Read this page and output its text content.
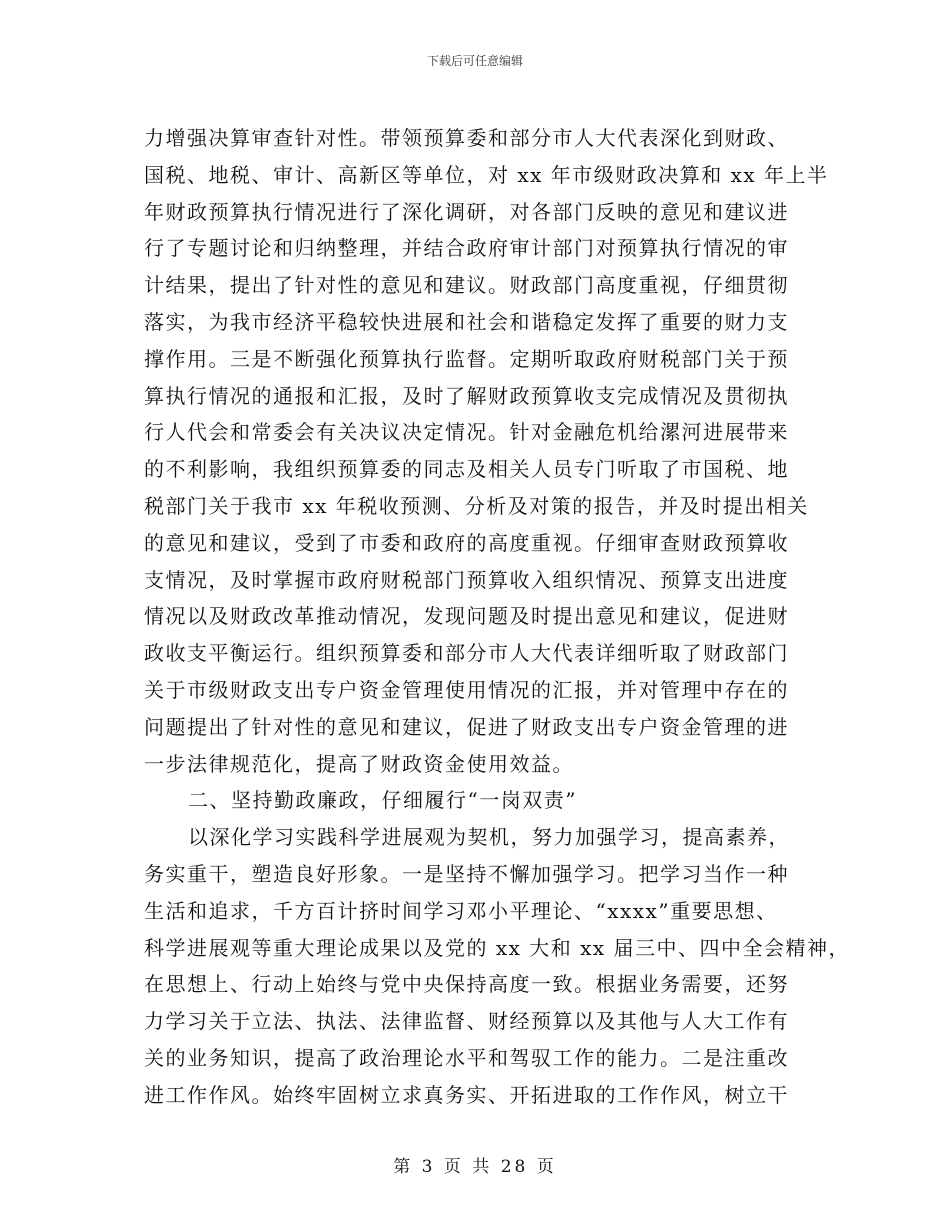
下载后可任意编辑
力增强决算审查针对性。带领预算委和部分市人大代表深化到财政、
国税、地税、审计、高新区等单位，对 xx 年市级财政决算和 xx 年上半
年财政预算执行情况进行了深化调研，对各部门反映的意见和建议进
行了专题讨论和归纳整理，并结合政府审计部门对预算执行情况的审
计结果，提出了针对性的意见和建议。财政部门高度重视，仔细贯彻
落实，为我市经济平稳较快进展和社会和谐稳定发挥了重要的财力支
撑作用。三是不断强化预算执行监督。定期听取政府财税部门关于预
算执行情况的通报和汇报，及时了解财政预算收支完成情况及贯彻执
行人代会和常委会有关决议决定情况。针对金融危机给漯河进展带来
的不利影响，我组织预算委的同志及相关人员专门听取了市国税、地
税部门关于我市 xx 年税收预测、分析及对策的报告，并及时提出相关
的意见和建议，受到了市委和政府的高度重视。仔细审查财政预算收
支情况，及时掌握市政府财税部门预算收入组织情况、预算支出进度
情况以及财政改革推动情况，发现问题及时提出意见和建议，促进财
政收支平衡运行。组织预算委和部分市人大代表详细听取了财政部门
关于市级财政支出专户资金管理使用情况的汇报，并对管理中存在的
问题提出了针对性的意见和建议，促进了财政支出专户资金管理的进
一步法律规范化，提高了财政资金使用效益。
二、坚持勤政廉政，仔细履行“一岗双责”
以深化学习实践科学进展观为契机，努力加强学习，提高素养，
务实重干，塑造良好形象。一是坚持不懈加强学习。把学习当作一种
生活和追求，千方百计挤时间学习邓小平理论、“xxxx”重要思想、
科学进展观等重大理论成果以及党的 xx 大和 xx 届三中、四中全会精神，
在思想上、行动上始终与党中央保持高度一致。根据业务需要，还努
力学习关于立法、执法、法律监督、财经预算以及其他与人大工作有
关的业务知识，提高了政治理论水平和驾驭工作的能力。二是注重改
进工作作风。始终牢固树立求真务实、开拓进取的工作作风，树立干
第 3 页 共 28 页
